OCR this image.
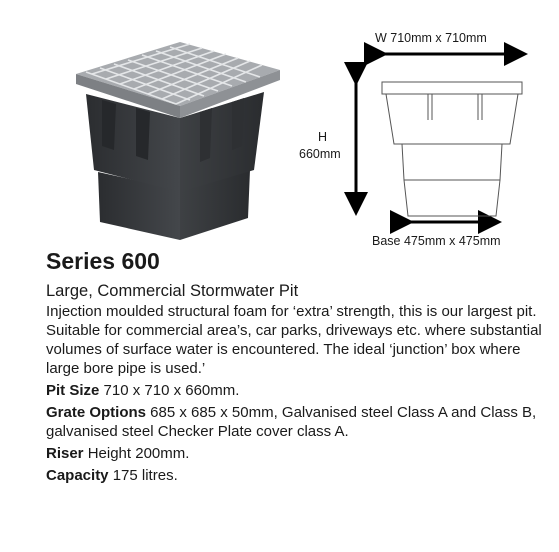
W 710mm x 710mm
H
660mm
Base 475mm x 475mm
Series 600

Large, Commercial Stormwater Pit

Injection moulded structural foam for ‘extra’ strength, this is our largest pit. Suitable for commercial area’s, car parks, driveways etc. where substantial volumes of surface water is encountered. The ideal ‘junction’ box where large bore pipe is used.’

Pit Size 710 x 710 x 660mm.

Grate Options 685 x 685 x 50mm, Galvanised steel Class A and Class B, galvanised steel Checker Plate cover class A.

Riser Height 200mm.

Capacity 175 litres.
